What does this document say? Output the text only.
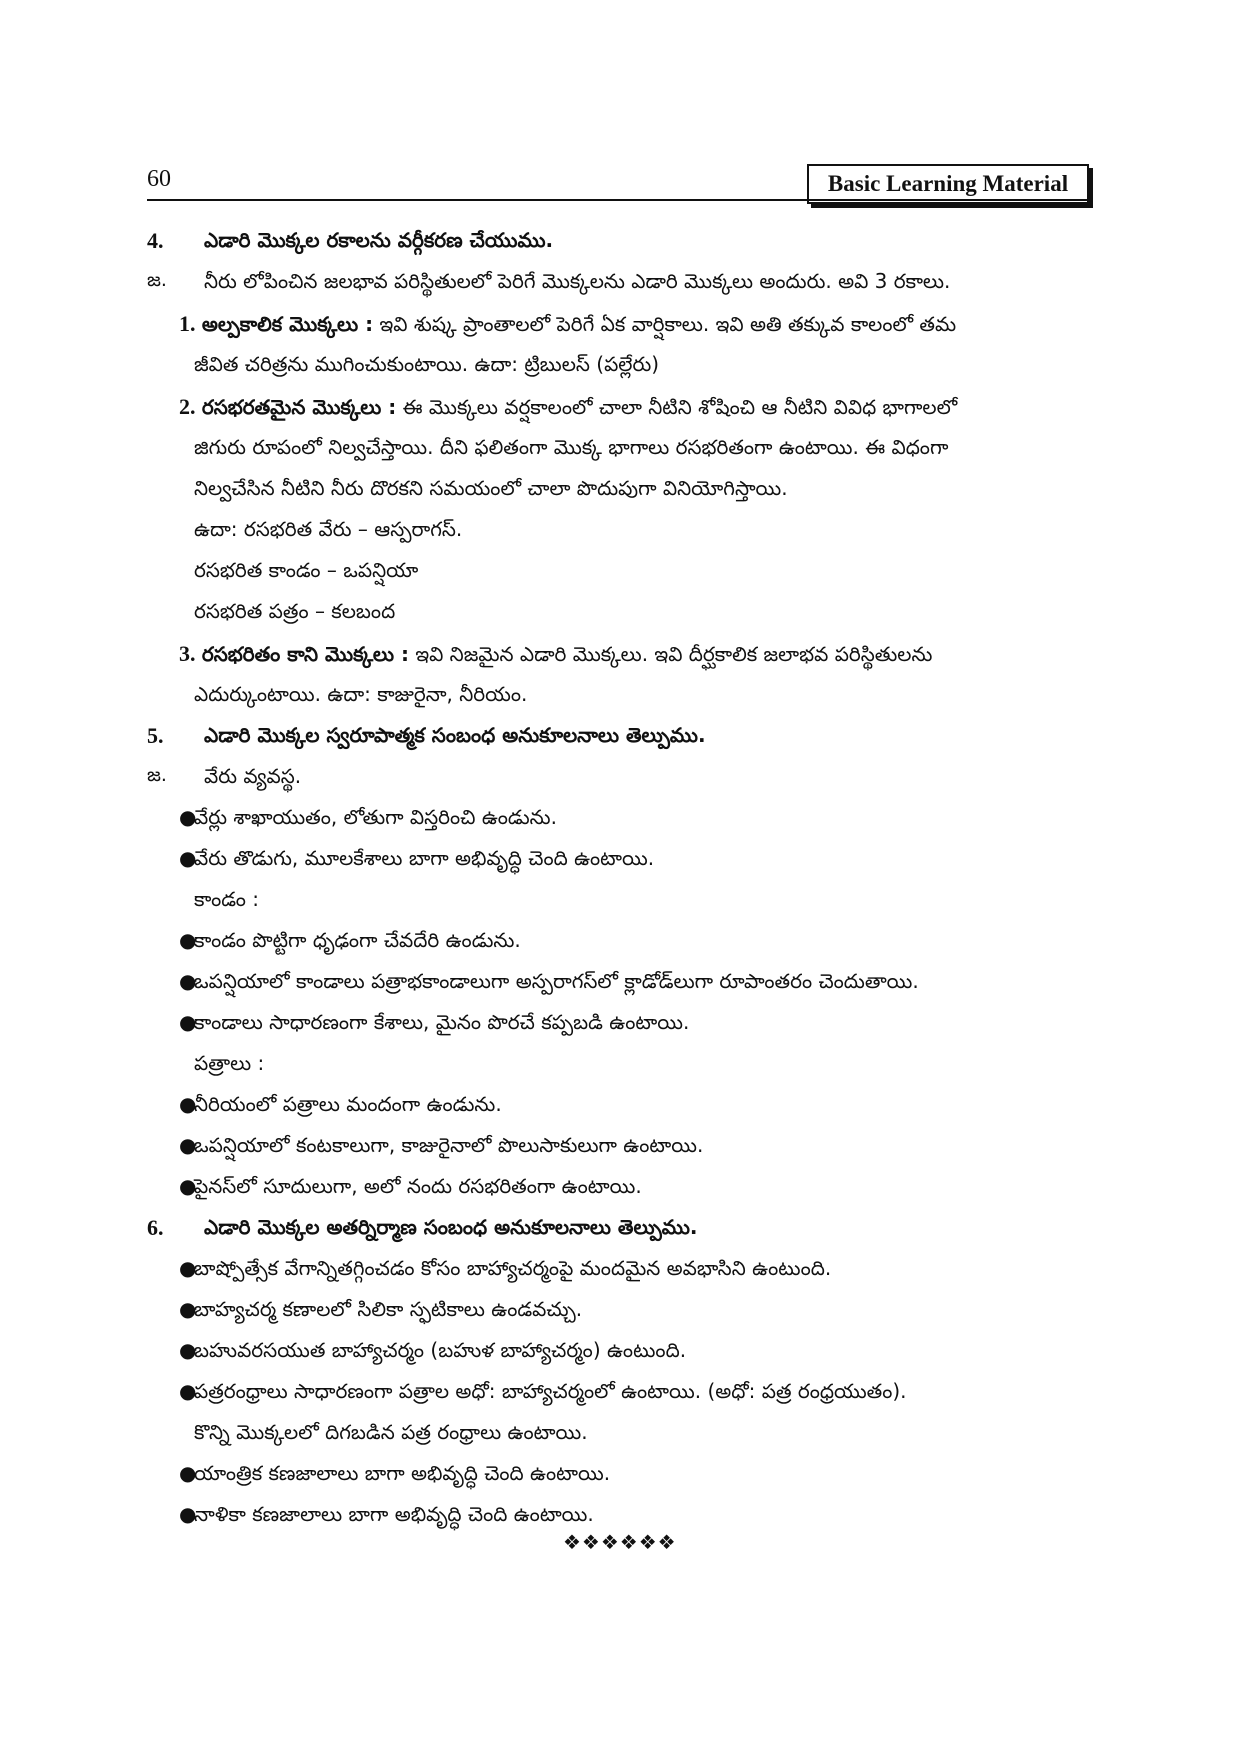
60	Basic Learning Material
4. ఎడారి మొక్కల రకాలను వర్గీకరణ చేయుము.
జ. నీరు లోపించిన జలభావ పరిస్థితులలో పెరిగే మొక్కలను ఎడారి మొక్కలు అందురు. అవి 3 రకాలు.
1. అల్పకాలిక మొక్కలు : ఇవి శుష్క ప్రాంతాలలో పెరిగే ఏక వార్షికాలు. ఇవి అతి తక్కువ కాలంలో తమ
జీవిత చరిత్రను ముగించుకుంటాయి. ఉదా: ట్రిబులస్ (పల్లేరు)
2. రసభరతమైన మొక్కలు : ఈ మొక్కలు వర్షకాలంలో చాలా నీటిని శోషించి ఆ నీటిని వివిధ భాగాలలో
జిగురు రూపంలో నిల్వచేస్తాయి. దీని ఫలితంగా మొక్క భాగాలు రసభరితంగా ఉంటాయి. ఈ విధంగా
నిల్వచేసిన నీటిని నీరు దొరకని సమయంలో చాలా పొదుపుగా వినియోగిస్తాయి.
ఉదా: రసభరిత వేరు – ఆస్పరాగస్.
రసభరిత కాండం – ఒపన్షియా
రసభరిత పత్రం – కలబంద
3. రసభరితం కాని మొక్కలు : ఇవి నిజమైన ఎడారి మొక్కలు. ఇవి దీర్ఘకాలిక జలాభవ పరిస్థితులను
ఎదుర్కుంటాయి. ఉదా: కాజురైనా, నీరియం.
5. ఎడారి మొక్కల స్వరూపాత్మక సంబంధ అనుకూలనాలు తెల్పుము.
జ. వేరు వ్యవస్థ.
●
వేర్లు శాఖాయుతం, లోతుగా విస్తరించి ఉండును.
●
వేరు తొడుగు, మూలకేశాలు బాగా అభివృద్ధి చెంది ఉంటాయి.
కాండం :
●
కాండం పొట్టిగా ధృఢంగా చేవదేరి ఉండును.
●
ఒపన్షియాలో కాండాలు పత్రాభకాండాలుగా అస్పరాగస్‌లో క్లాడోడ్‌లుగా రూపాంతరం చెందుతాయి.
●
కాండాలు సాధారణంగా కేశాలు, మైనం పొరచే కప్పబడి ఉంటాయి.
పత్రాలు :
●
నీరియంలో పత్రాలు మందంగా ఉండును.
●
ఒపన్షియాలో కంటకాలుగా, కాజురైనాలో పొలుసాకులుగా ఉంటాయి.
●
పైనస్‌లో సూదులుగా, అలో నందు రసభరితంగా ఉంటాయి.
6. ఎడారి మొక్కల అతర్నిర్మాణ సంబంధ అనుకూలనాలు తెల్పుము.
●
బాష్పోత్సేక వేగాన్నితగ్గించడం కోసం బాహ్యాచర్మంపై మందమైన అవభాసిని ఉంటుంది.
●
బాహ్యచర్మ కణాలలో సిలికా స్ఫటికాలు ఉండవచ్చు.
●
బహువరసయుత బాహ్యాచర్మం (బహుళ బాహ్యాచర్మం) ఉంటుంది.
●
పత్రరంధ్రాలు సాధారణంగా పత్రాల అధో: బాహ్యాచర్మంలో ఉంటాయి. (అధో: పత్ర రంధ్రయుతం).
కొన్ని మొక్కలలో దిగబడిన పత్ర రంధ్రాలు ఉంటాయి.
●
యాంత్రిక కణజాలాలు బాగా అభివృద్ధి చెంది ఉంటాయి.
●
నాళికా కణజాలాలు బాగా అభివృద్ధి చెంది ఉంటాయి.
❖❖❖❖❖❖
